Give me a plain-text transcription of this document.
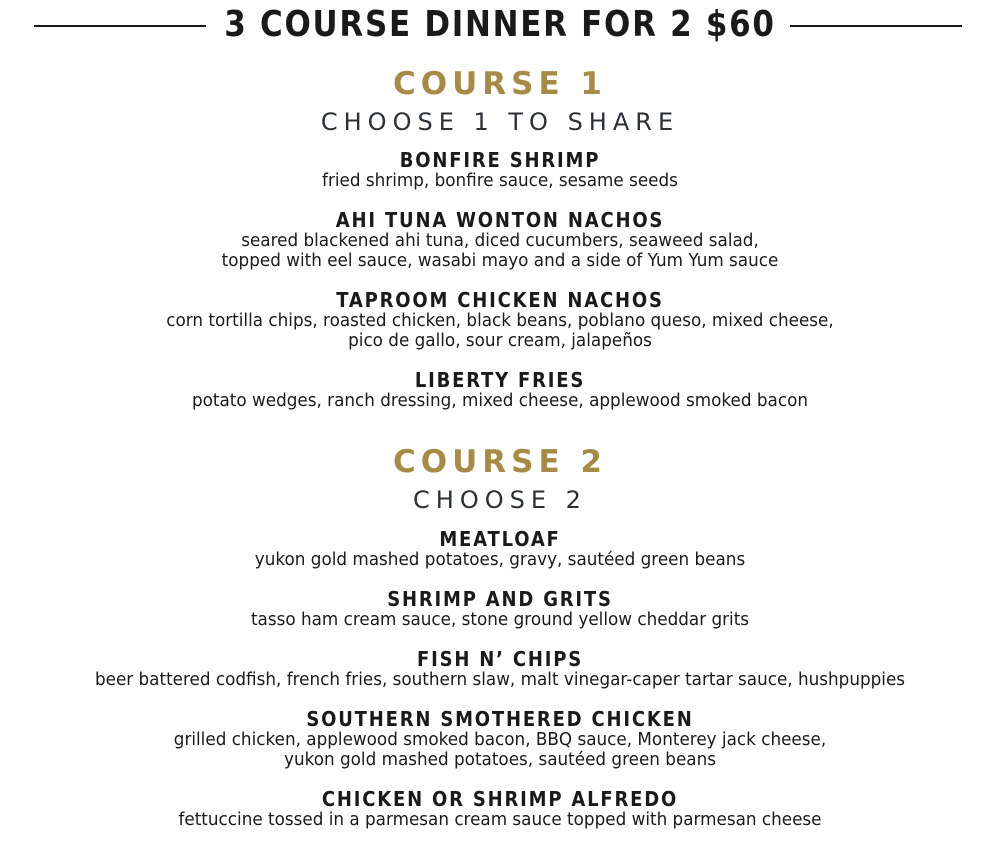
3 COURSE DINNER FOR 2 $60
COURSE 1
CHOOSE 1 TO SHARE
BONFIRE SHRIMP
fried shrimp, bonfire sauce, sesame seeds
AHI TUNA WONTON NACHOS
seared blackened ahi tuna, diced cucumbers, seaweed salad,
topped with eel sauce, wasabi mayo and a side of Yum Yum sauce
TAPROOM CHICKEN NACHOS
corn tortilla chips, roasted chicken, black beans, poblano queso, mixed cheese,
pico de gallo, sour cream, jalapeños
LIBERTY FRIES
potato wedges, ranch dressing, mixed cheese, applewood smoked bacon
COURSE 2
CHOOSE 2
MEATLOAF
yukon gold mashed potatoes, gravy, sautéed green beans
SHRIMP AND GRITS
tasso ham cream sauce, stone ground yellow cheddar grits
FISH N’ CHIPS
beer battered codfish, french fries, southern slaw, malt vinegar-caper tartar sauce, hushpuppies
SOUTHERN SMOTHERED CHICKEN
grilled chicken, applewood smoked bacon, BBQ sauce, Monterey jack cheese,
yukon gold mashed potatoes, sautéed green beans
CHICKEN OR SHRIMP ALFREDO
fettuccine tossed in a parmesan cream sauce topped with parmesan cheese
